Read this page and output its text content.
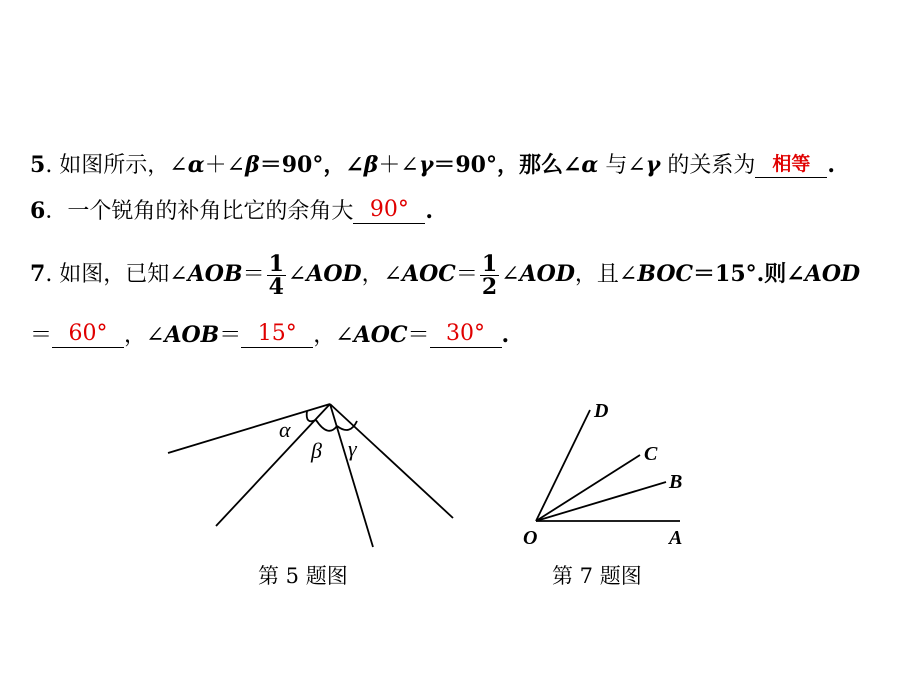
5. 如图所示，∠α＋∠β＝90°，∠β＋∠γ＝90°，那么∠α 与∠γ 的关系为 相等 .
6．一个锐角的补角比它的余角大 90° .
7. 如图，已知∠AOB＝ $\frac{1}{4}$ ∠AOD，∠AOC＝ $\frac{1}{2}$ ∠AOD，且∠BOC＝15°.则∠AOD
＝ 60° ，∠AOB＝ 15° ，∠AOC＝ 30° .
α
β γ
O	A
B
C
D
第 5 题图	第 7 题图
